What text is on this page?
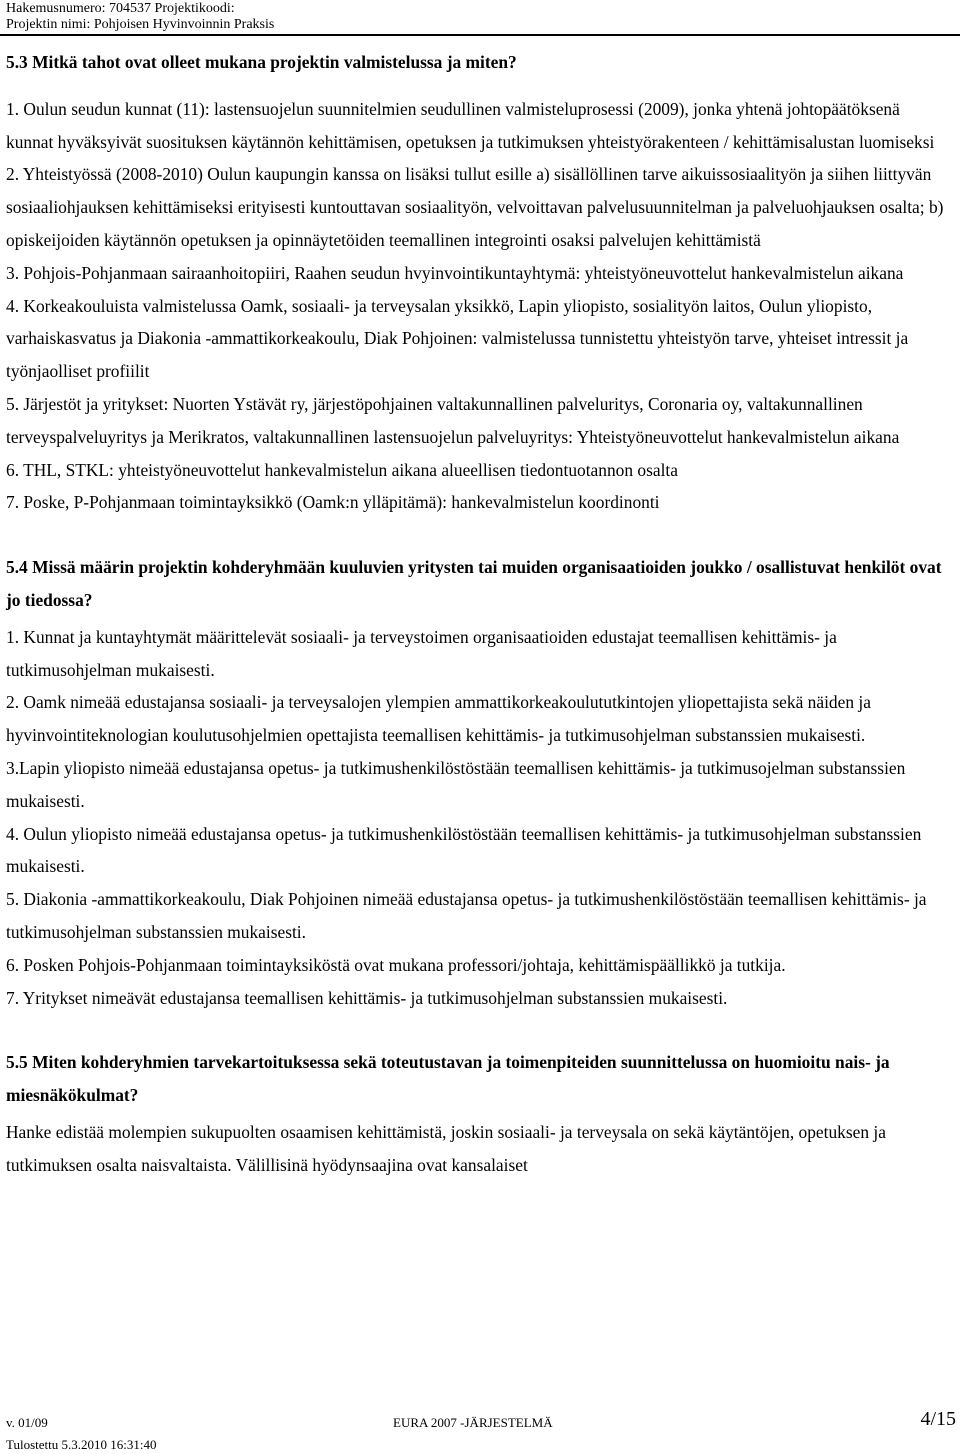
Hakemusnumero: 704537 Projektikoodi:
Projektin nimi: Pohjoisen Hyvinvoinnin Praksis
5.3 Mitkä tahot ovat olleet mukana projektin valmistelussa ja miten?

1. Oulun seudun kunnat (11): lastensuojelun suunnitelmien seudullinen valmisteluprosessi (2009), jonka yhtenä johtopäätöksenä kunnat hyväksyivät suosituksen käytännön kehittämisen, opetuksen ja tutkimuksen yhteistyörakenteen / kehittämisalustan luomiseksi

2. Yhteistyössä (2008-2010) Oulun kaupungin kanssa on lisäksi tullut esille a) sisällöllinen tarve aikuissosiaalityön ja siihen liittyvän sosiaaliohjauksen kehittämiseksi erityisesti kuntouttavan sosiaalityön, velvoittavan palvelusuunnitelman ja palveluohjauksen osalta; b) opiskeijoiden käytännön opetuksen ja opinnäytetöiden teemallinen integrointi osaksi palvelujen kehittämistä

3. Pohjois-Pohjanmaan sairaanhoitopiiri, Raahen seudun hvyinvointikuntayhtymä: yhteistyöneuvottelut hankevalmistelun aikana

4. Korkeakouluista valmistelussa Oamk, sosiaali- ja terveysalan yksikkö, Lapin yliopisto, sosialityön laitos, Oulun yliopisto, varhaiskasvatus ja Diakonia -ammattikorkeakoulu, Diak Pohjoinen: valmistelussa tunnistettu yhteistyön tarve, yhteiset intressit ja työnjaolliset profiilit

5. Järjestöt ja yritykset: Nuorten Ystävät ry, järjestöpohjainen valtakunnallinen palveluritys, Coronaria oy, valtakunnallinen terveyspalveluyritys ja Merikratos, valtakunnallinen lastensuojelun palveluyritys: Yhteistyöneuvottelut hankevalmistelun aikana

6. THL, STKL: yhteistyöneuvottelut hankevalmistelun aikana alueellisen tiedontuotannon osalta

7. Poske, P-Pohjanmaan toimintayksikkö (Oamk:n ylläpitämä): hankevalmistelun koordinonti

5.4 Missä määrin projektin kohderyhmään kuuluvien yritysten tai muiden organisaatioiden joukko / osallistuvat henkilöt ovat jo tiedossa?

1. Kunnat ja kuntayhtymät määrittelevät sosiaali- ja terveystoimen organisaatioiden edustajat teemallisen kehittämis- ja tutkimusohjelman mukaisesti.

2. Oamk nimeää edustajansa sosiaali- ja terveysalojen ylempien ammattikorkeakoulututkintojen yliopettajista sekä näiden ja hyvinvointiteknologian koulutusohjelmien opettajista teemallisen kehittämis- ja tutkimusohjelman substanssien mukaisesti.

3.Lapin yliopisto nimeää edustajansa opetus- ja tutkimushenkilöstöstään teemallisen kehittämis- ja tutkimusojelman substanssien mukaisesti.

4. Oulun yliopisto nimeää edustajansa opetus- ja tutkimushenkilöstöstään teemallisen kehittämis- ja tutkimusohjelman substanssien mukaisesti.

5. Diakonia -ammattikorkeakoulu, Diak Pohjoinen nimeää edustajansa opetus- ja tutkimushenkilöstöstään teemallisen kehittämis- ja tutkimusohjelman substanssien mukaisesti.

6. Posken Pohjois-Pohjanmaan toimintayksiköstä ovat mukana professori/johtaja, kehittämispäällikkö ja tutkija.

7. Yritykset nimeävät edustajansa teemallisen kehittämis- ja tutkimusohjelman substanssien mukaisesti.

5.5 Miten kohderyhmien tarvekartoituksessa sekä toteutustavan ja toimenpiteiden suunnittelussa on huomioitu nais- ja miesnäkökulmat?

Hanke edistää molempien sukupuolten osaamisen kehittämistä, joskin sosiaali- ja terveysala on sekä käytäntöjen, opetuksen ja tutkimuksen osalta naisvaltaista. Välillisinä hyödynsaajina ovat kansalaiset

v. 01/09	EURA 2007 -JÄRJESTELMÄ	4/15
Tulostettu 5.3.2010 16:31:40
